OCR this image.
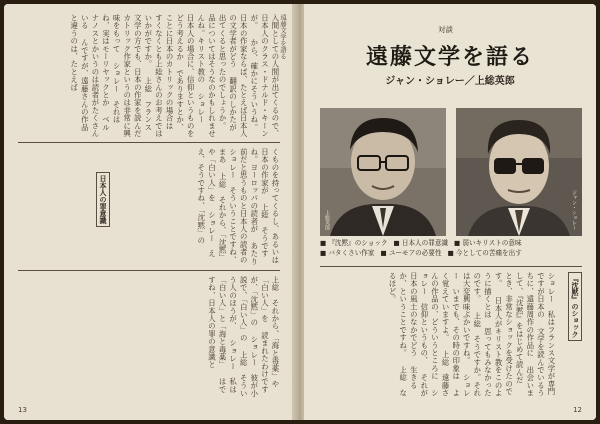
遠藤文学を語る
入間としての人間が出てくるので、日本人のクラス・ドナルド・キーンが。 から、確かにそういうね。日本の作家ならば、たとえば日本人の文学者がどう 翻訳のしかたが出てくると思ったのでしょうか。 品についてはそうなのかもしれませんね。キリスト教の ショレー　日本人の場合に、信仰というものをどう考えるか でありますとか、ことに日本のカトリックの場合は すくなくとも上総さんのお考えではいかがですか。 上総　フランス文学の方でも、日本の作家を読んだ カトリック作家というのは非常に興味をもって ショレー　それはね、実はモーリヤックとか ベルナノスとかいうのは読者がたくさんいる んですが、遠藤さんの作品と違うのは、たとえば
くものを持ってくるし、あるいは日本の作家が 上総　そうですね。ヨーロッパの読者が あたり前だと思うものと日本人の読者の ショレー　そういうことですね、まあ 上総　それから、「沈黙」や「白い人」を ショレー　ええ、そうですね、「沈黙」の
日本人の罪意識
上総　それから、「海と毒薬」や「白い人」を 読まれたわけですが、「沈黙」の ショレー　彼が小説で、「白い人」の 上総　そういう人のほうが、 ショレー　私は「白い人」と「海と毒薬」 はですね、日本人の罪の意識と
13
対談
遠藤文学を語る
ジャン・ショレー／上総英郎
上総英郎	ジャン・ショレー
■ 『沈黙』のショック ■ 日本人の罪意識 ■ 弱いキリストの意味
■ バタくさい作家 ■ ユーモアの必要性 ■ 今としての苦痛を出す
『沈黙』のショック
ショレー　私はフランス文学が専門ですが日本の 文学を読んでいるうちに、遠藤周作の作品に 出会いまして、『沈黙』をはじめて読んだ とき、非常なショックを受けたのです。 日本人がキリスト教をこのように描くとは 思ってもみなかったのです。 上総　そうですか。それは大変興味ぶかいですね。 ショレー　いまでも、その時の印象は よく覚えていますよ。 上総　遠藤さんの作品の、どういうところに ショレー　信仰というもの、 それが日本の風土のなかでどう 生きるか、ということですね。 上総　なるほど。
12
